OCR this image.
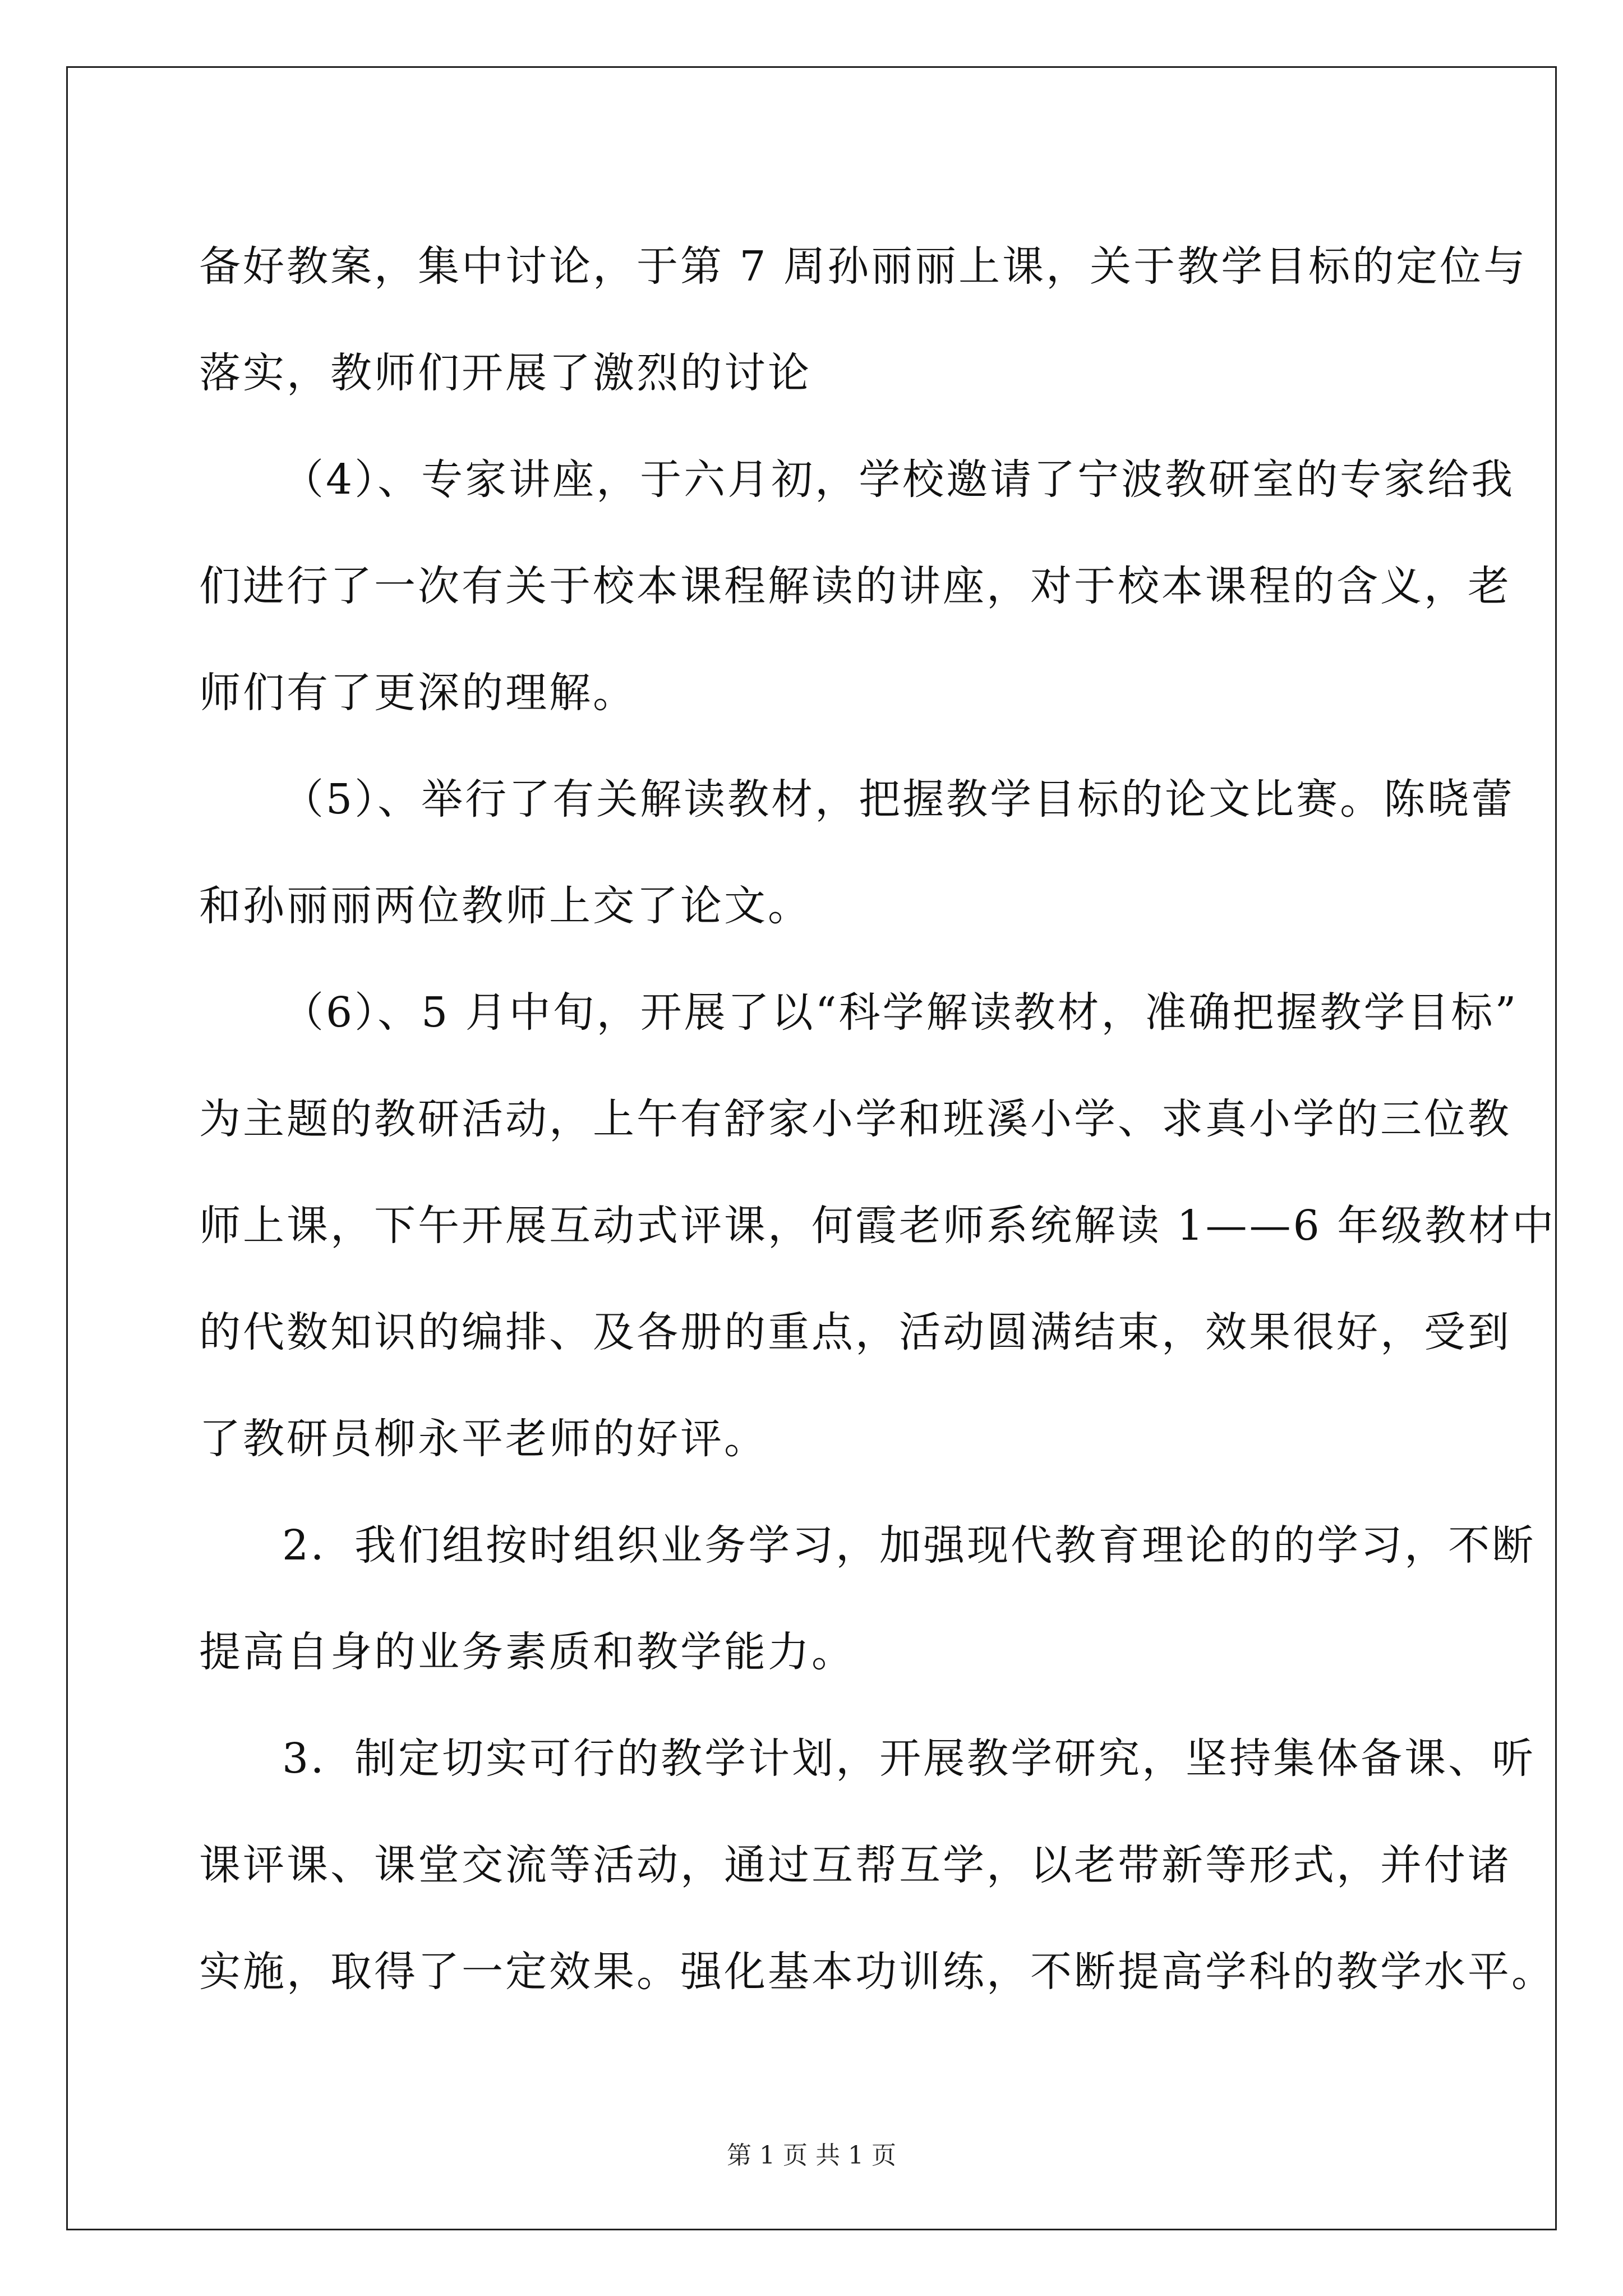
备好教案，集中讨论，于第 7 周孙丽丽上课，关于教学目标的定位与
落实，教师们开展了激烈的讨论
（4）、专家讲座，于六月初，学校邀请了宁波教研室的专家给我
们进行了一次有关于校本课程解读的讲座，对于校本课程的含义，老
师们有了更深的理解。
（5）、举行了有关解读教材，把握教学目标的论文比赛。陈晓蕾
和孙丽丽两位教师上交了论文。
（6）、5 月中旬，开展了以“科学解读教材，准确把握教学目标”
为主题的教研活动，上午有舒家小学和班溪小学、求真小学的三位教
师上课，下午开展互动式评课，何霞老师系统解读 1——6 年级教材中
的代数知识的编排、及各册的重点，活动圆满结束，效果很好，受到
了教研员柳永平老师的好评。
2．我们组按时组织业务学习，加强现代教育理论的的学习，不断
提高自身的业务素质和教学能力。
3．制定切实可行的教学计划，开展教学研究，坚持集体备课、听
课评课、课堂交流等活动，通过互帮互学，以老带新等形式，并付诸
实施，取得了一定效果。强化基本功训练，不断提高学科的教学水平。

第 1 页 共 1 页
